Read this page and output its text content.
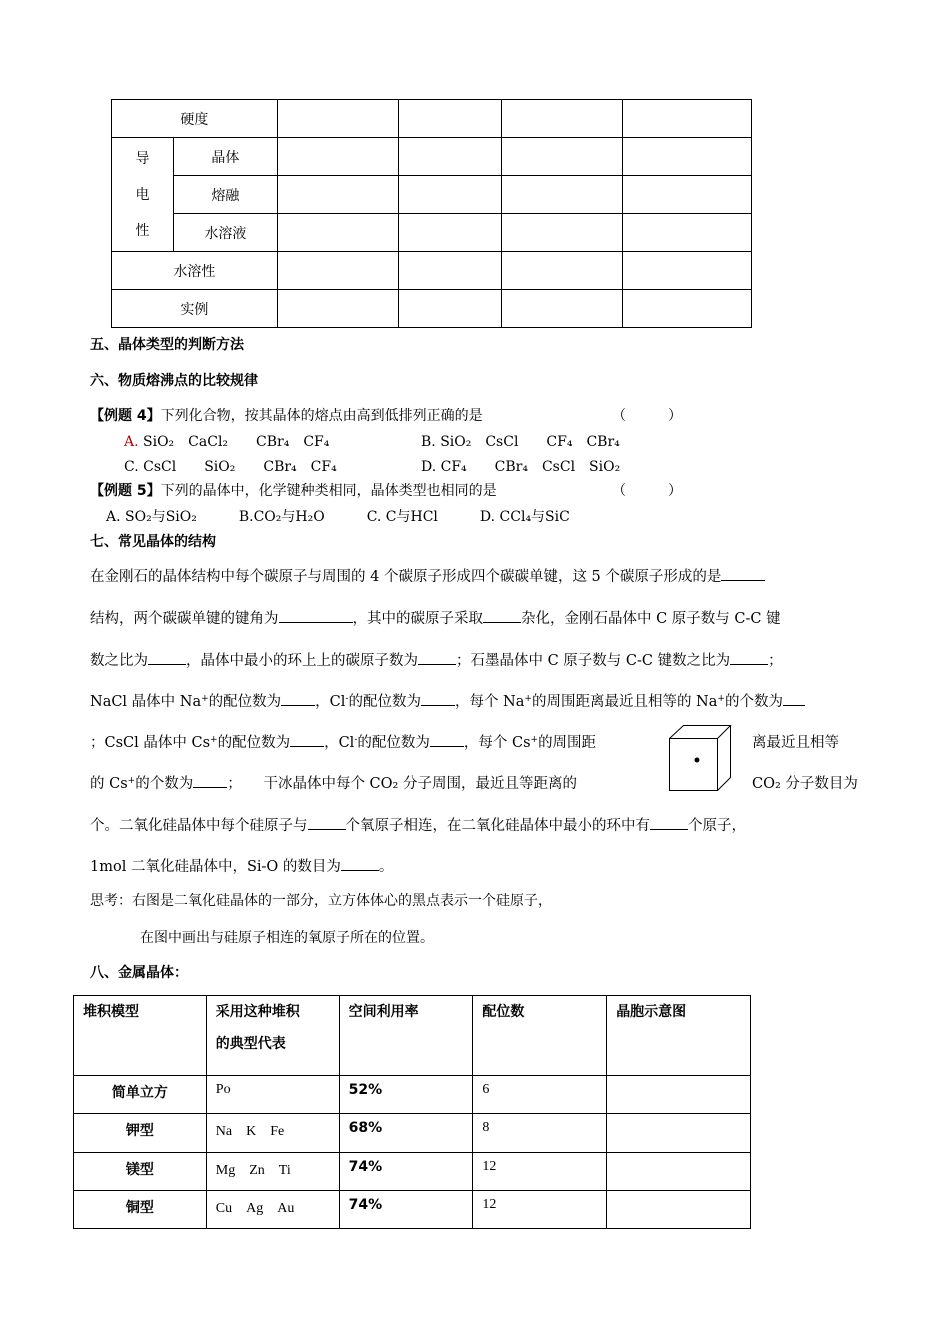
硬度					
导
电
性	晶体				
	熔融				
	水溶液				
水溶性					
实例					
五、晶体类型的判断方法
六、物质熔沸点的比较规律
【例题 4】下列化合物，按其晶体的熔点由高到低排列正确的是	（　　　）
A. SiO₂　CaCl₂　　CBr₄　CF₄	B. SiO₂　CsCl　　CF₄　CBr₄
C. CsCl　　SiO₂　　CBr₄　CF₄	D. CF₄　　CBr₄　CsCl　SiO₂
【例题 5】下列的晶体中，化学键种类相同，晶体类型也相同的是	（　　　）
A. SO₂与SiO₂　　　B.CO₂与H₂O　　　C. C与HCl　　　D. CCl₄与SiC
七、常见晶体的结构
在金刚石的晶体结构中每个碳原子与周围的 4 个碳原子形成四个碳碳单键，这 5 个碳原子形成的是
结构，两个碳碳单键的键角为	，其中的碳原子采取	杂化，金刚石晶体中 C 原子数与 C-C 键
数之比为	，晶体中最小的环上上的碳原子数为	；石墨晶体中 C 原子数与 C-C 键数之比为	；
NaCl 晶体中 Na+的配位数为 ，Cl-的配位数为 ，每个 Na+的周围距离最近且相等的 Na+的个数为
；CsCl 晶体中 Cs+的配位数为 ，Cl-的配位数为 ，每个 Cs+的周围距	离最近且相等
的 Cs+的个数为 ；　　干冰晶体中每个 CO₂ 分子周围，最近且等距离的	CO₂ 分子数目为
个。二氧化硅晶体中每个硅原子与	个氧原子相连，在二氧化硅晶体中最小的环中有	个原子，
1mol 二氧化硅晶体中，Si-O 的数目为	。
思考：右图是二氧化硅晶体的一部分，立方体体心的黑点表示一个硅原子，
在图中画出与硅原子相连的氧原子所在的位置。
八、金属晶体：
堆积模型	采用这种堆积
的典型代表	空间利用率	配位数	晶胞示意图
简单立方	Po	52%	6	
钾型	Na　K　Fe	68%	8	
镁型	Mg　Zn　Ti	74%	12	
铜型	Cu　Ag　Au	74%	12	
